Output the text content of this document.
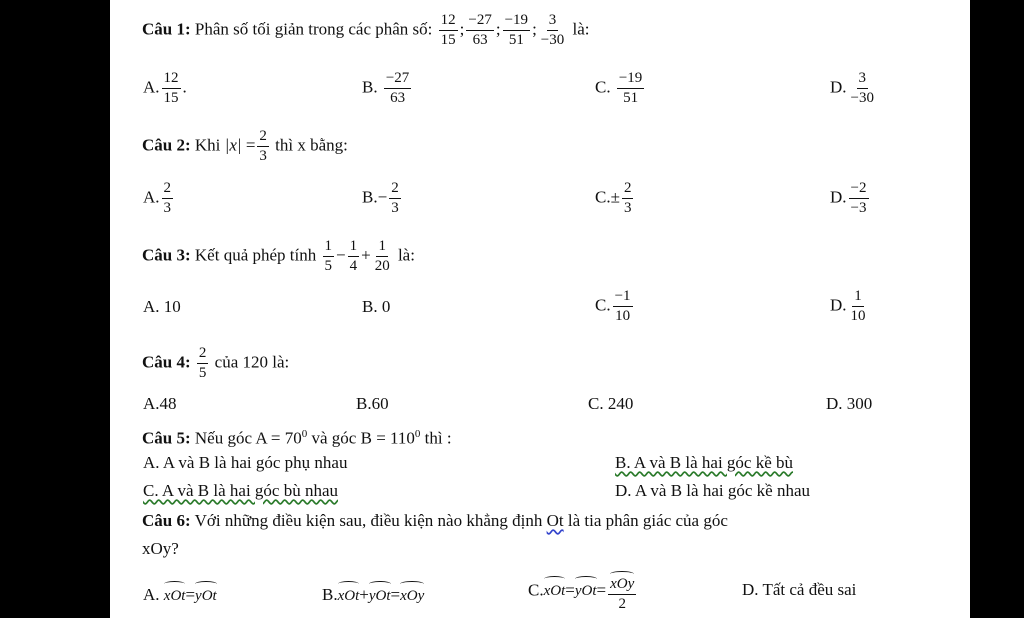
Câu 1: Phân số tối giản trong các phân số: $\frac{12}{15}$ ; $\frac{-27}{63}$ ; $\frac{-19}{51}$ ; $\frac{3}{-30}$ là:
A. $\frac{12}{15}$ .	B. $\frac{-27}{63}$	C. $\frac{-19}{51}$	D. $\frac{3}{-30}$
Câu 2: Khi $|x| = \frac{2}{3}$ thì x bằng:
A. $\frac{2}{3}$	$B.- \frac{2}{3}$	$C.\pm \frac{2}{3}$	D. $\frac{-2}{-3}$
Câu 3: Kết quả phép tính $\frac{1}{5} - \frac{1}{4} + \frac{1}{20}$ là:
A. 10	B. 0	C. $\frac{-1}{10}$	D. $\frac{1}{10}$
Câu 4: $\frac{2}{5}$ của 120 là:
A.48	B.60	C. 240	D. 300
Câu 5: Nếu góc $A = 70^0$ và góc $B = 110^0$ thì :
A. A và B là hai góc phụ nhau	B. A và B là hai góc kề bù
C. A và B là hai góc bù nhau	D. A và B là hai góc kề nhau
Câu 6: Với những điều kiện sau, điều kiện nào khẳng định Ot là tia phân giác của góc
xOy?
A. xOt=
yOt	B.
xOt+
yOt=
xOy	C.
xOt=
yOt= xOy
2
D. Tất cả đều sai
